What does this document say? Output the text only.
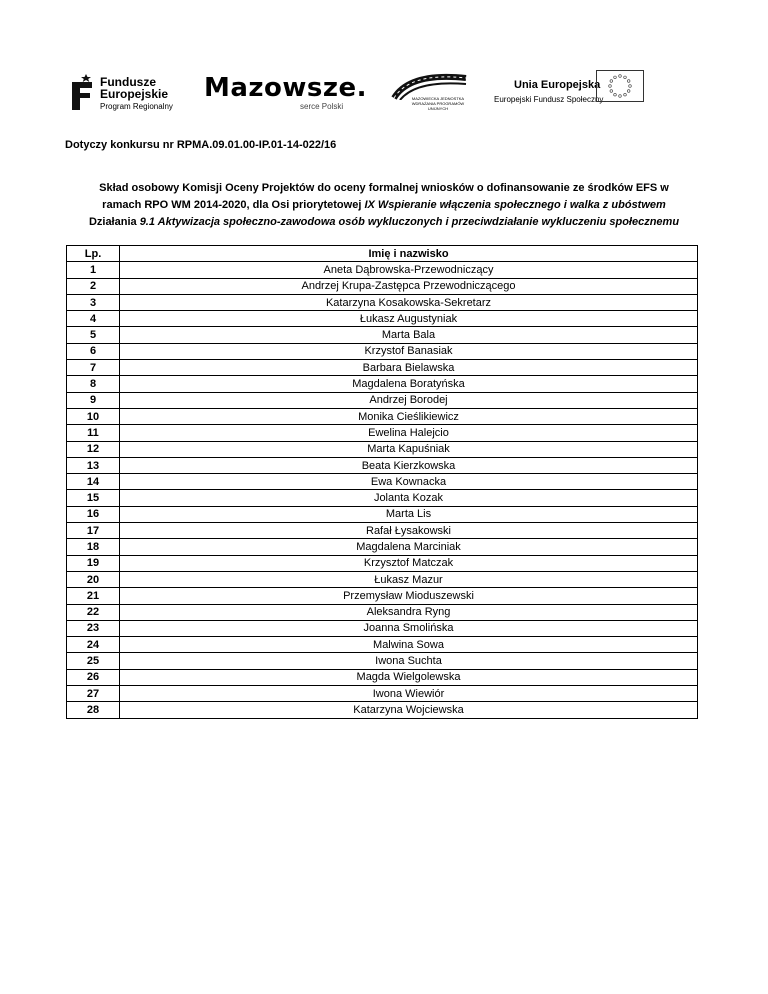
Fundusze
Europejskie
Program Regionalny
Mazowsze.
serce Polski
MAZOWIECKA JEDNOSTKA WDRAŻANIA PROGRAMÓW UNIJNYCH
Unia Europejska
Europejski Fundusz Społeczny
Dotyczy konkursu nr RPMA.09.01.00-IP.01-14-022/16
Skład osobowy Komisji Oceny Projektów do oceny formalnej wniosków o dofinansowanie ze środków EFS w
ramach RPO WM 2014-2020, dla Osi priorytetowej IX Wspieranie włączenia społecznego i walka z ubóstwem
Działania 9.1 Aktywizacja społeczno-zawodowa osób wykluczonych i przeciwdziałanie wykluczeniu społecznemu
Lp.	Imię i nazwisko
1	Aneta Dąbrowska-Przewodniczący
2	Andrzej Krupa-Zastępca Przewodniczącego
3	Katarzyna Kosakowska-Sekretarz
4	Łukasz Augustyniak
5	Marta Bala
6	Krzystof Banasiak
7	Barbara Bielawska
8	Magdalena Boratyńska
9	Andrzej Borodej
10	Monika Cieślikiewicz
11	Ewelina Halejcio
12	Marta Kapuśniak
13	Beata Kierzkowska
14	Ewa Kownacka
15	Jolanta Kozak
16	Marta Lis
17	Rafał Łysakowski
18	Magdalena Marciniak
19	Krzysztof Matczak
20	Łukasz Mazur
21	Przemysław Mioduszewski
22	Aleksandra Ryng
23	Joanna Smolińska
24	Malwina Sowa
25	Iwona Suchta
26	Magda Wielgolewska
27	Iwona Wiewiór
28	Katarzyna Wojciewska
